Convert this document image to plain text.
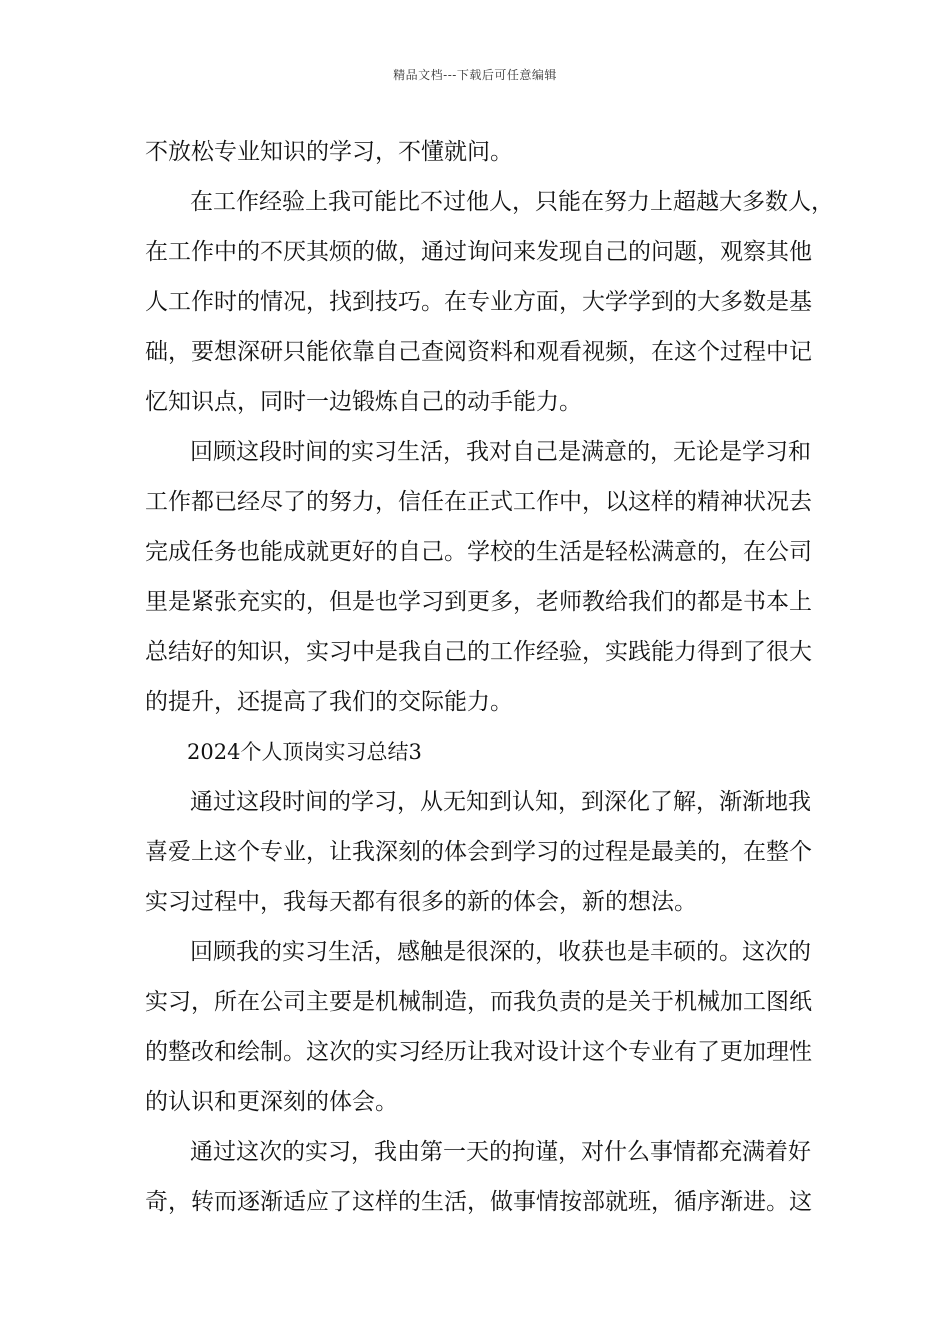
精品文档---下载后可任意编辑
不放松专业知识的学习，不懂就问。
在工作经验上我可能比不过他人，只能在努力上超越大多数人，
在工作中的不厌其烦的做，通过询问来发现自己的问题，观察其他
人工作时的情况，找到技巧。在专业方面，大学学到的大多数是基
础，要想深研只能依靠自己查阅资料和观看视频，在这个过程中记
忆知识点，同时一边锻炼自己的动手能力。
回顾这段时间的实习生活，我对自己是满意的，无论是学习和
工作都已经尽了的努力，信任在正式工作中，以这样的精神状况去
完成任务也能成就更好的自己。学校的生活是轻松满意的，在公司
里是紧张充实的，但是也学习到更多，老师教给我们的都是书本上
总结好的知识，实习中是我自己的工作经验，实践能力得到了很大
的提升，还提高了我们的交际能力。
2024个人顶岗实习总结3
通过这段时间的学习，从无知到认知，到深化了解，渐渐地我
喜爱上这个专业，让我深刻的体会到学习的过程是最美的，在整个
实习过程中，我每天都有很多的新的体会，新的想法。
回顾我的实习生活，感触是很深的，收获也是丰硕的。这次的
实习，所在公司主要是机械制造，而我负责的是关于机械加工图纸
的整改和绘制。这次的实习经历让我对设计这个专业有了更加理性
的认识和更深刻的体会。
通过这次的实习，我由第一天的拘谨，对什么事情都充满着好
奇，转而逐渐适应了这样的生活，做事情按部就班，循序渐进。这
